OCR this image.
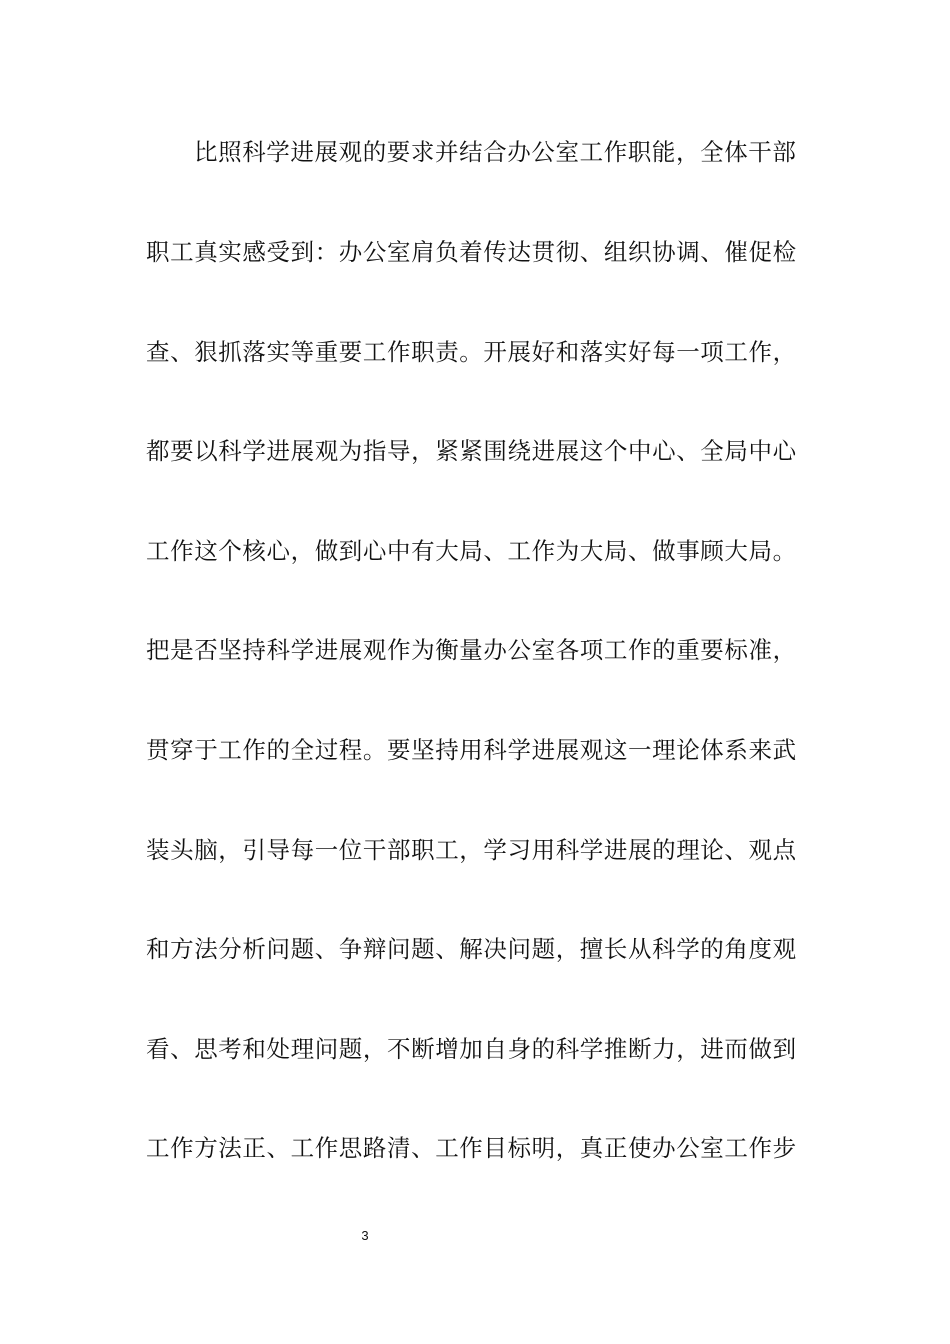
比照科学进展观的要求并结合办公室工作职能，全体干部
职工真实感受到：办公室肩负着传达贯彻、组织协调、催促检
查、狠抓落实等重要工作职责。开展好和落实好每一项工作，
都要以科学进展观为指导，紧紧围绕进展这个中心、全局中心
工作这个核心，做到心中有大局、工作为大局、做事顾大局。
把是否坚持科学进展观作为衡量办公室各项工作的重要标准，
贯穿于工作的全过程。要坚持用科学进展观这一理论体系来武
装头脑，引导每一位干部职工，学习用科学进展的理论、观点
和方法分析问题、争辩问题、解决问题，擅长从科学的角度观
看、思考和处理问题，不断增加自身的科学推断力，进而做到
工作方法正、工作思路清、工作目标明，真正使办公室工作步
3
